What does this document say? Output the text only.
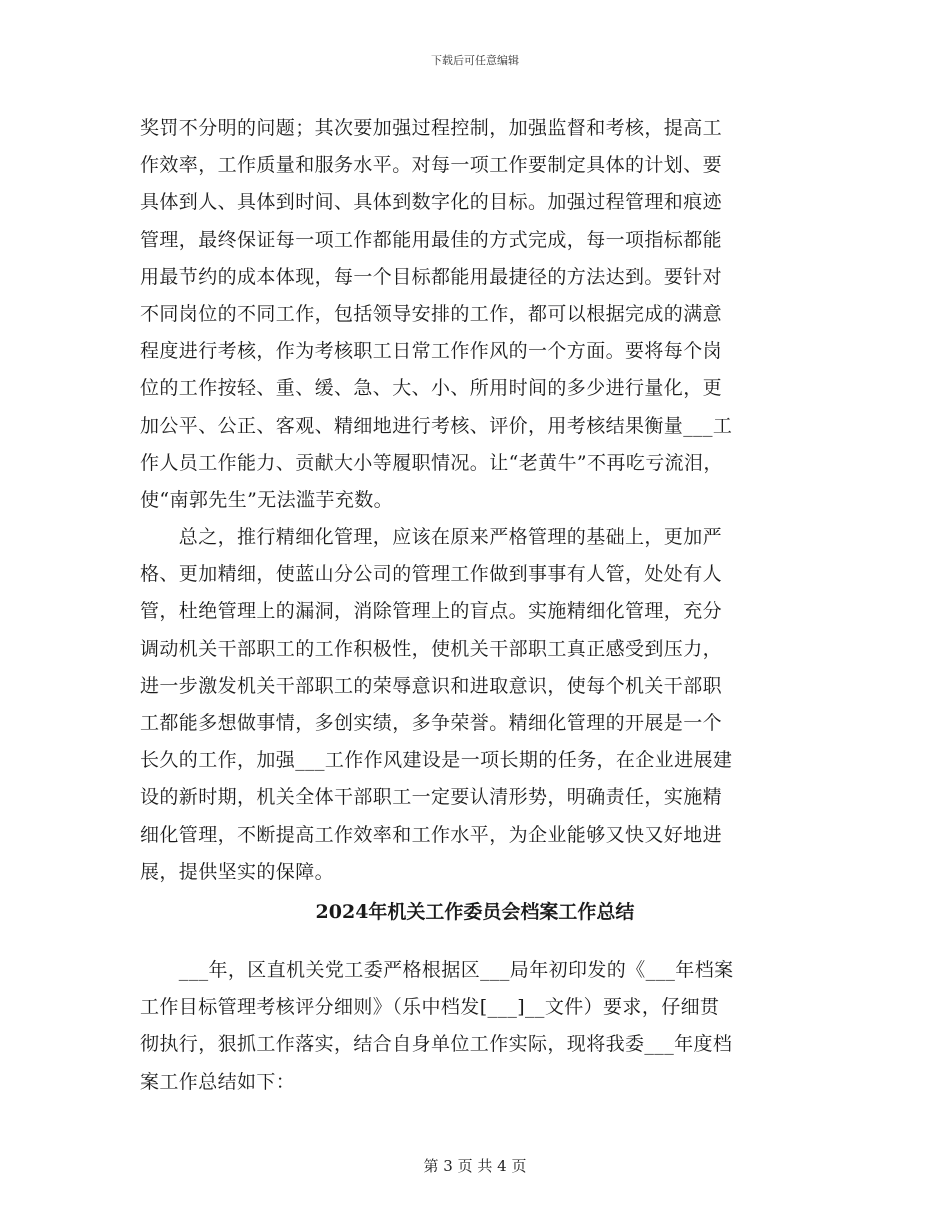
下载后可任意编辑
奖罚不分明的问题；其次要加强过程控制，加强监督和考核，提高工
作效率，工作质量和服务水平。对每一项工作要制定具体的计划、要
具体到人、具体到时间、具体到数字化的目标。加强过程管理和痕迹
管理，最终保证每一项工作都能用最佳的方式完成，每一项指标都能
用最节约的成本体现，每一个目标都能用最捷径的方法达到。要针对
不同岗位的不同工作，包括领导安排的工作，都可以根据完成的满意
程度进行考核，作为考核职工日常工作作风的一个方面。要将每个岗
位的工作按轻、重、缓、急、大、小、所用时间的多少进行量化，更
加公平、公正、客观、精细地进行考核、评价，用考核结果衡量___工
作人员工作能力、贡献大小等履职情况。让“老黄牛”不再吃亏流泪，
使“南郭先生”无法滥芋充数。
　　总之，推行精细化管理，应该在原来严格管理的基础上，更加严
格、更加精细，使蓝山分公司的管理工作做到事事有人管，处处有人
管，杜绝管理上的漏洞，消除管理上的盲点。实施精细化管理，充分
调动机关干部职工的工作积极性，使机关干部职工真正感受到压力，
进一步激发机关干部职工的荣辱意识和进取意识，使每个机关干部职
工都能多想做事情，多创实绩，多争荣誉。精细化管理的开展是一个
长久的工作，加强___工作作风建设是一项长期的任务，在企业进展建
设的新时期，机关全体干部职工一定要认清形势，明确责任，实施精
细化管理，不断提高工作效率和工作水平，为企业能够又快又好地进
展，提供坚实的保障。
2024年机关工作委员会档案工作总结
　　___年，区直机关党工委严格根据区___局年初印发的《___年档案
工作目标管理考核评分细则》（乐中档发[___]__文件）要求，仔细贯
彻执行，狠抓工作落实，结合自身单位工作实际，现将我委___年度档
案工作总结如下：
第 3 页 共 4 页
